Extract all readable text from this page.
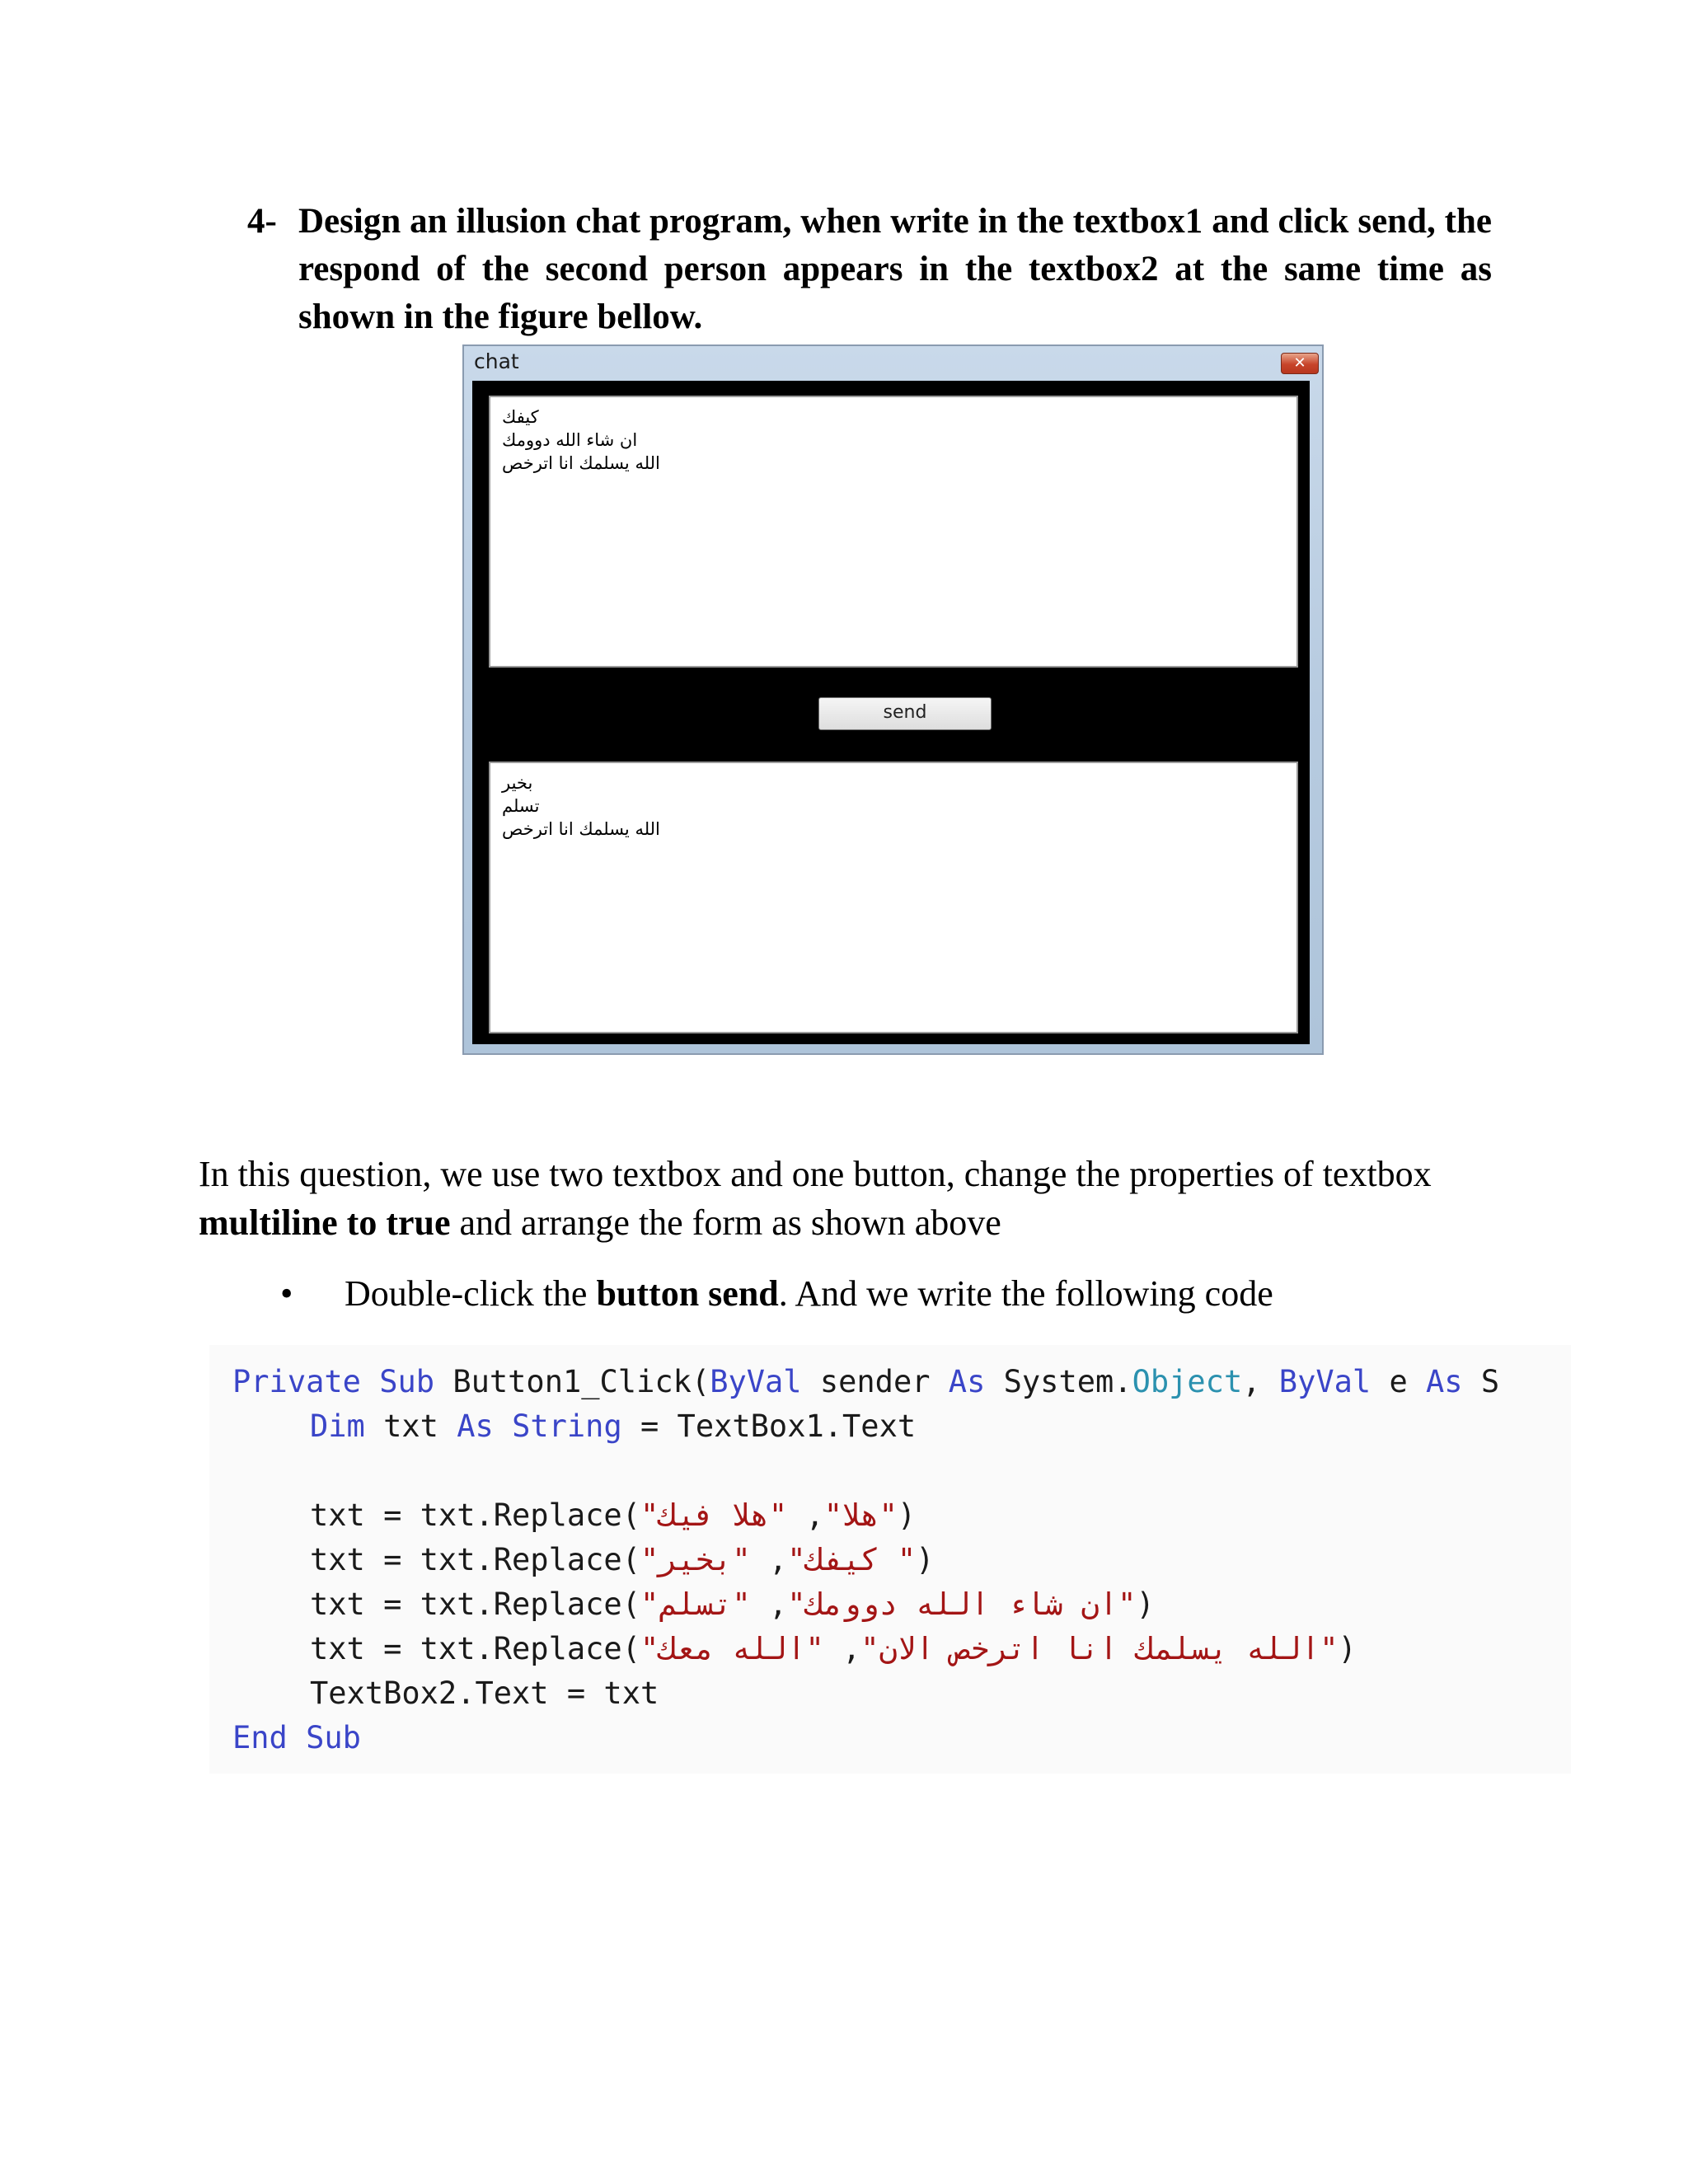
4- Design an illusion chat program, when write in the textbox1 and click send, the respond of the second person appears in the textbox2 at the same time as shown in the figure bellow.
chat	✕
كيفك
ان شاء الله دوومك
الله يسلمك انا اترخص
send
بخير
تسلم
الله يسلمك انا اترخص
In this question, we use two textbox and one button, change the properties of textbox multiline to true and arrange the form as shown above
• Double-click the button send. And we write the following code

Private Sub Button1_Click(ByVal sender As System.Object, ByVal e As S

Dim txt As String = TextBox1.Text

txt = txt.Replace("هلا", "هلا فيك")

txt = txt.Replace("كيفك", "بخير ")

txt = txt.Replace("ان شاء الله دوومك", "تسلم")

txt = txt.Replace("الله يسلمك انا اترخص الان", "الله معك")

TextBox2.Text = txt

End Sub
